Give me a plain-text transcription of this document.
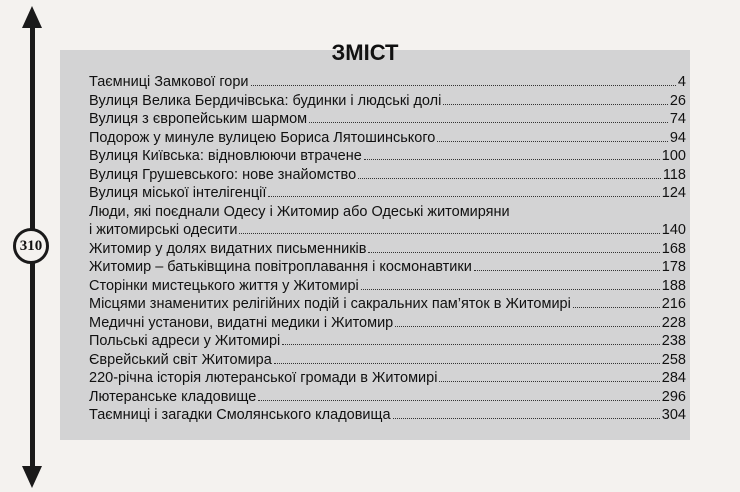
310
ЗМІСТ
Таємниці Замкової гори	4
Вулиця Велика Бердичівська: будинки і людські долі	26
Вулиця з європейським шармом	74
Подорож у минуле вулицею Бориса Лятошинського	94
Вулиця Київська: відновлюючи втрачене	100
Вулиця Грушевського: нове знайомство	118
Вулиця міської інтелігенції	124
Люди, які поєднали Одесу і Житомир або Одеські житомиряни
і житомирські одесити	140
Житомир у долях видатних письменників	168
Житомир – батьківщина повітроплавання і космонавтики	178
Сторінки мистецького життя у Житомирі	188
Місцями знаменитих релігійних подій і сакральних пам’яток в Житомирі	216
Медичні установи, видатні медики і Житомир	228
Польські адреси у Житомирі	238
Єврейський світ Житомира	258
220-річна історія лютеранської громади в Житомирі	284
Лютеранське кладовище	296
Таємниці і загадки Смолянського кладовища	304
